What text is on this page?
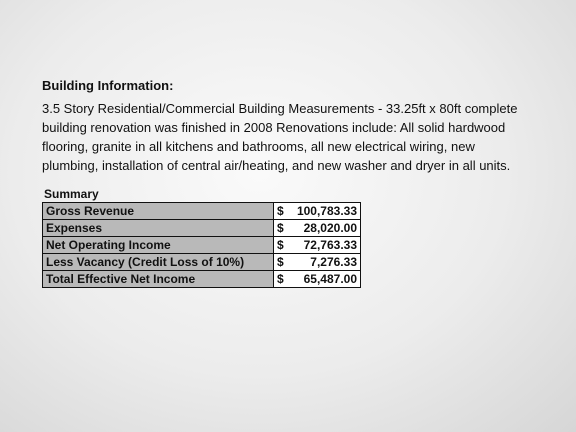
Building Information:

3.5 Story Residential/Commercial Building Measurements - 33.25ft x 80ft complete building renovation was finished in 2008 Renovations include: All solid hardwood flooring, granite in all kitchens and bathrooms, all new electrical wiring, new plumbing, installation of central air/heating, and new washer and dryer in all units.

Summary
Gross Revenue	$ 100,783.33

Expenses	$ 28,020.00

Net Operating Income	$ 72,763.33

Less Vacancy (Credit Loss of 10%)	$ 7,276.33

Total Effective Net Income	$ 65,487.00
